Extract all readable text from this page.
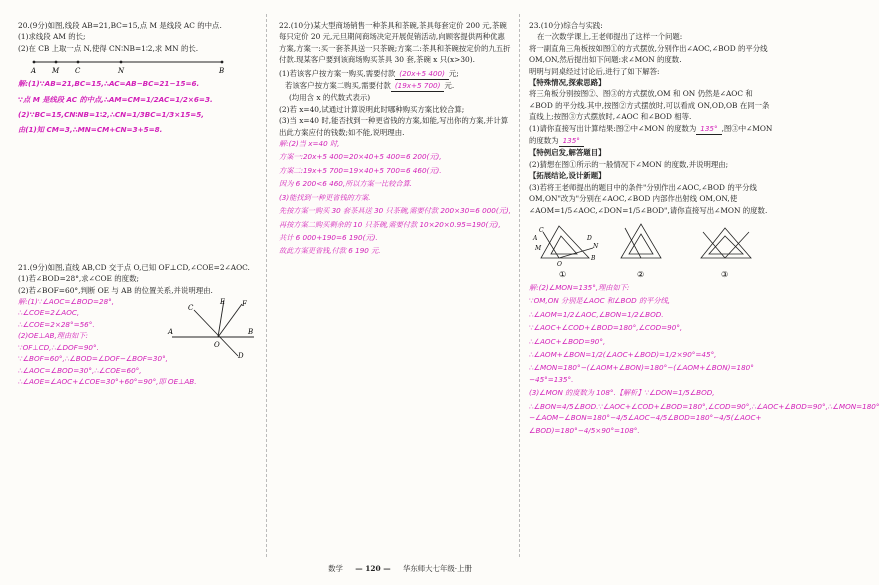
20.(9分)如图,线段 AB=21,BC=15,点 M 是线段 AC 的中点.

(1)求线段 AM 的长;

(2)在 CB 上取一点 N,使得 CN∶NB=1∶2,求 MN 的长.

A M C	N	B

解:(1)∵AB=21,BC=15,∴AC=AB−BC=21−15=6.

∵点 M 是线段 AC 的中点,∴AM=CM=1/2AC=1/2×6=3.

(2)∵BC=15,CN∶NB=1∶2,∴CN=1/3BC=1/3×15=5,

由(1)知 CM=3,∴MN=CM+CN=3+5=8.

21.(9分)如图,直线 AB,CD 交于点 O,已知 OF⊥CD,∠COE=2∠AOC.

(1)若∠BOD=28°,求∠COE 的度数;

(2)若∠BOF=60°,判断 OE 与 AB 的位置关系,并说明理由.

解:(1)∵∠AOC=∠BOD=28°,

∴∠COE=2∠AOC,

∴∠COE=2×28°=56°.

(2)OE⊥AB,理由如下:

∵OF⊥CD,∴∠DOF=90°.

C
E F
A
O
B
D

∵∠BOF=60°,∴∠BOD=∠DOF−∠BOF=30°,

∴∠AOC=∠BOD=30°,∴∠COE=60°,

∴∠AOE=∠AOC+∠COE=30°+60°=90°,即 OE⊥AB.

22.(10分)某大型商场销售一种茶具和茶碗,茶具每套定价 200 元,茶碗每只定价 20 元,元旦期间商场决定开展促销活动,向顾客提供两种优惠方案,方案一:买一套茶具送一只茶碗;方案二:茶具和茶碗按定价的九五折付款.现某客户要到该商场购买茶具 30 套,茶碗 x 只(x>30).

(1)若该客户按方案一购买,需要付款 (20x+5 400) 元;

若该客户按方案二购买,需要付款 (19x+5 700) 元.

(均用含 x 的代数式表示)

(2)若 x=40,试通过计算说明此时哪种购买方案比较合算;

(3)当 x=40 时,能否找到一种更省钱的方案,如能,写出你的方案,并计算出此方案应付的钱数;如不能,说明理由.

解:(2)当 x=40 时,

方案一:20x+5 400=20×40+5 400=6 200(元),

方案二:19x+5 700=19×40+5 700=6 460(元).

因为 6 200<6 460,所以方案一比较合算.

(3)能找到一种更省钱的方案.

先按方案一购买 30 套茶具送 30 只茶碗,需要付款 200×30=6 000(元),

再按方案二购买剩余的 10 只茶碗,需要付款 10×20×0.95=190(元),

共计 6 000+190=6 190(元).

故此方案更省钱,付款 6 190 元.

23.(10分)综合与实践:

在一次数学课上,王老师提出了这样一个问题:

将一副直角三角板按如图①的方式摆放,分别作出∠AOC,∠BOD 的平分线 OM,ON,然后提出如下问题:求∠MON 的度数.

明明与同桌经过讨论后,进行了如下解答:

【特殊情况,探索思路】

将三角板分别按图②、图③的方式摆放,OM 和 ON 仍然是∠AOC 和∠BOD 的平分线.其中,按图②方式摆放时,可以看成 ON,OD,OB 在同一条直线上;按图③方式摆放时,∠AOC 和∠BOD 相等.

(1)请你直接写出计算结果:图②中∠MON 的度数为 135° ,图③中∠MON 的度数为 135°

【特例启发,解答题目】

(2)猜想在图①所示的一般情况下∠MON 的度数,并说明理由;

【拓展结论,设计新题】

(3)若将王老师提出的题目中的条件"分别作出∠AOC,∠BOD 的平分线 OM,ON"改为"分别在∠AOC,∠BOD 内部作出射线 OM,ON,使∠AOM=1/5∠AOC,∠DON=1/5∠BOD",请你直接写出∠MON 的度数.

A
M
C
O
N
B
D
①	②	③

解:(2)∠MON=135°,理由如下:

∵OM,ON 分别是∠AOC 和∠BOD 的平分线,

∴∠AOM=1/2∠AOC,∠BON=1/2∠BOD.

∵∠AOC+∠COD+∠BOD=180°,∠COD=90°,

∴∠AOC+∠BOD=90°,

∴∠AOM+∠BON=1/2(∠AOC+∠BOD)=1/2×90°=45°,

∴∠MON=180°−(∠AOM+∠BON)=180°−(∠AOM+∠BON)=180°−45°=135°.

(3)∠MON 的度数为 108°.【解析】∵∠DON=1/5∠BOD,

∴∠BON=4/5∠BOD.∵∠AOC+∠COD+∠BOD=180°,∠COD=90°,∴∠AOC+∠BOD=90°,∴∠MON=180°−∠AOM−∠BON=180°−4/5∠AOC−4/5∠BOD=180°−4/5(∠AOC+

∠BOD)=180°−4/5×90°=108°.

数学 — 120 — 华东师大七年级·上册
